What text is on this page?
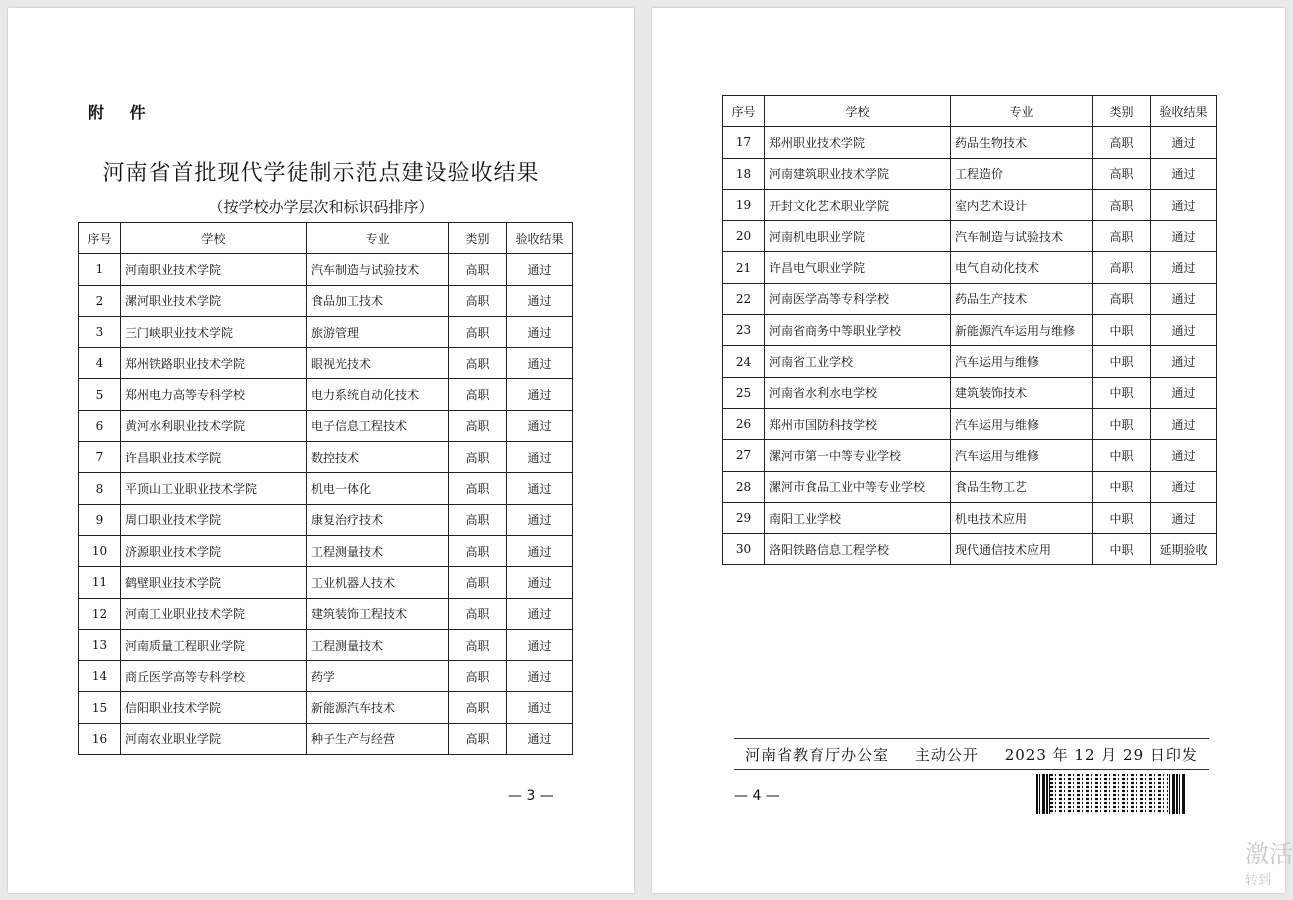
附 件
河南省首批现代学徒制示范点建设验收结果
（按学校办学层次和标识码排序）
序号	学校	专业	类别	验收结果
1	河南职业技术学院	汽车制造与试验技术	高职	通过
2	漯河职业技术学院	食品加工技术	高职	通过
3	三门峡职业技术学院	旅游管理	高职	通过
4	郑州铁路职业技术学院	眼视光技术	高职	通过
5	郑州电力高等专科学校	电力系统自动化技术	高职	通过
6	黄河水利职业技术学院	电子信息工程技术	高职	通过
7	许昌职业技术学院	数控技术	高职	通过
8	平顶山工业职业技术学院	机电一体化	高职	通过
9	周口职业技术学院	康复治疗技术	高职	通过
10	济源职业技术学院	工程测量技术	高职	通过
11	鹤壁职业技术学院	工业机器人技术	高职	通过
12	河南工业职业技术学院	建筑装饰工程技术	高职	通过
13	河南质量工程职业学院	工程测量技术	高职	通过
14	商丘医学高等专科学校	药学	高职	通过
15	信阳职业技术学院	新能源汽车技术	高职	通过
16	河南农业职业学院	种子生产与经营	高职	通过
— 3 —
序号	学校	专业	类别	验收结果
17	郑州职业技术学院	药品生物技术	高职	通过
18	河南建筑职业技术学院	工程造价	高职	通过
19	开封文化艺术职业学院	室内艺术设计	高职	通过
20	河南机电职业学院	汽车制造与试验技术	高职	通过
21	许昌电气职业学院	电气自动化技术	高职	通过
22	河南医学高等专科学校	药品生产技术	高职	通过
23	河南省商务中等职业学校	新能源汽车运用与维修	中职	通过
24	河南省工业学校	汽车运用与维修	中职	通过
25	河南省水利水电学校	建筑装饰技术	中职	通过
26	郑州市国防科技学校	汽车运用与维修	中职	通过
27	漯河市第一中等专业学校	汽车运用与维修	中职	通过
28	漯河市食品工业中等专业学校	食品生物工艺	中职	通过
29	南阳工业学校	机电技术应用	中职	通过
30	洛阳铁路信息工程学校	现代通信技术应用	中职	延期验收
河南省教育厅办公室 主动公开 2023 年 12 月 29 日印发
— 4 —
激活
转到
